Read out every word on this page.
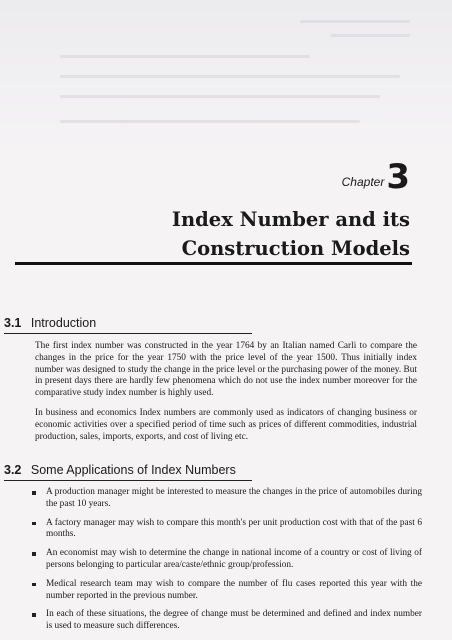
Chapter 3
Index Number and its
Construction Models
3.1 Introduction

The first index number was constructed in the year 1764 by an Italian named Carli to compare the changes in the price for the year 1750 with the price level of the year 1500. Thus initially index number was designed to study the change in the price level or the purchasing power of the money. But in present days there are hardly few phenomena which do not use the index number moreover for the comparative study index number is highly used.

In business and economics Index numbers are commonly used as indicators of changing business or economic activities over a specified period of time such as prices of different commodities, industrial production, sales, imports, exports, and cost of living etc.

3.2 Some Applications of Index Numbers
A production manager might be interested to measure the changes in the price of automobiles during the past 10 years.
A factory manager may wish to compare this month's per unit production cost with that of the past 6 months.
An economist may wish to determine the change in national income of a country or cost of living of persons belonging to particular area/caste/ethnic group/profession.
Medical research team may wish to compare the number of flu cases reported this year with the number reported in the previous number.
In each of these situations, the degree of change must be determined and defined and index number is used to measure such differences.
